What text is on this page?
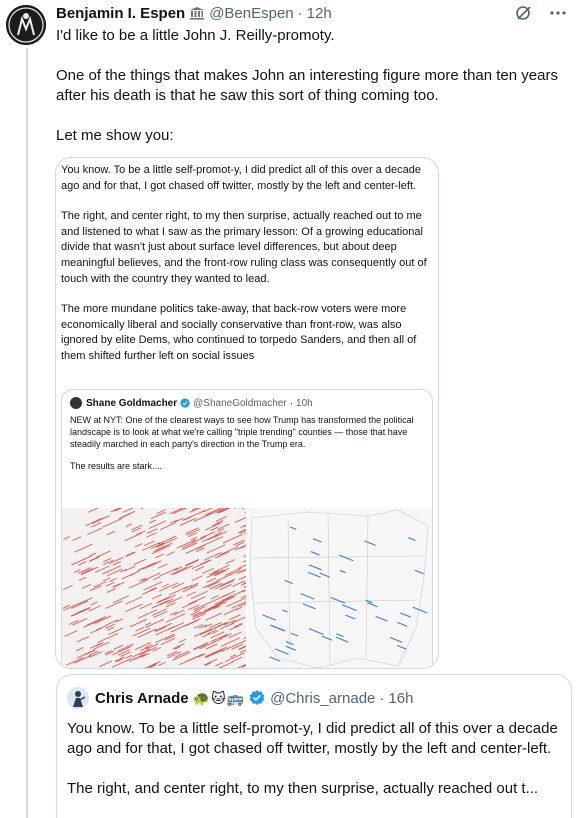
Benjamin I. Espen @BenEspen · 12h

I'd like to be a little John J. Reilly-promoty.

One of the things that makes John an interesting figure more than ten years after his death is that he saw this sort of thing coming too.

Let me show you:

You know. To be a little self-promot-y, I did predict all of this over a decade ago and for that, I got chased off twitter, mostly by the left and center-left.

The right, and center right, to my then surprise, actually reached out to me and listened to what I saw as the primary lesson: Of a growing educational divide that wasn't just about surface level differences, but about deep meaningful believes, and the front-row ruling class was consequently out of touch with the country they wanted to lead.

The more mundane politics take-away, that back-row voters were more economically liberal and socially conservative than front-row, was also ignored by elite Dems, who continued to torpedo Sanders, and then all of them shifted further left on social issues

Shane Goldmacher @ShaneGoldmacher · 10h

NEW at NYT: One of the clearest ways to see how Trump has transformed the political landscape is to look at what we're calling "triple trending" counties — those that have steadily marched in each party's direction in the Trump era.

The results are stark....

Chris Arnade 🐢🐱🚌 @Chris_arnade · 16h

You know. To be a little self-promot-y, I did predict all of this over a decade ago and for that, I got chased off twitter, mostly by the left and center-left.

The right, and center right, to my then surprise, actually reached out t...
